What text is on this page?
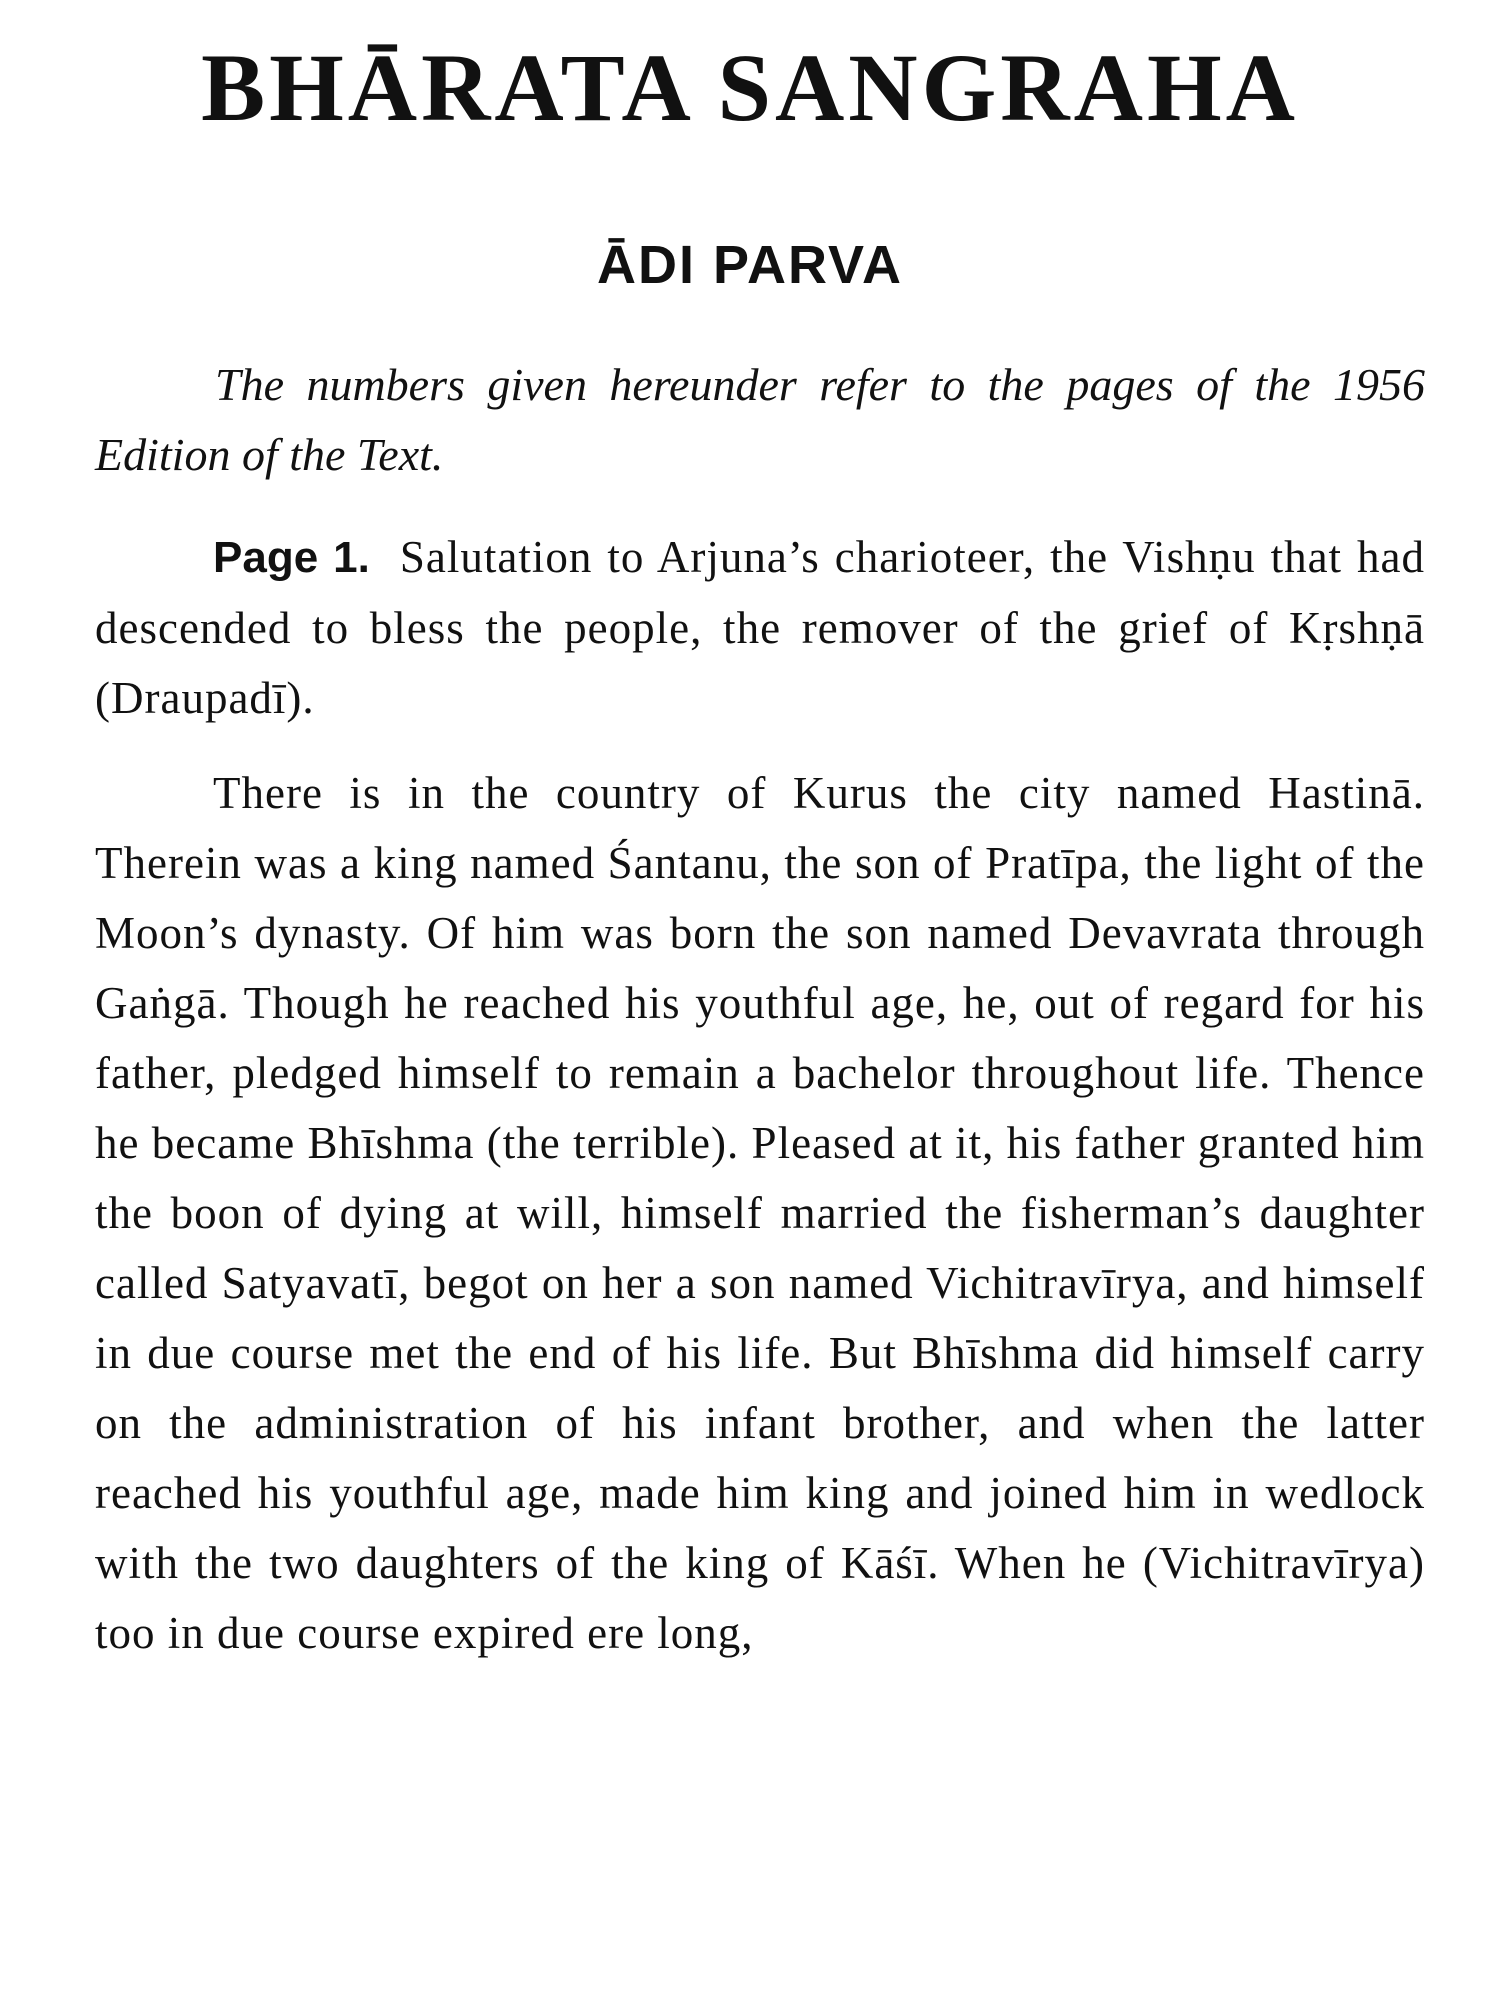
BHĀRATA SANGRAHA
ĀDI PARVA

The numbers given hereunder refer to the pages of the 1956 Edition of the Text.

Page 1. Salutation to Arjuna’s charioteer, the Vishṇu that had descended to bless the people, the remover of the grief of Kṛshṇā (Draupadī).

There is in the country of Kurus the city named Hastinā. Therein was a king named Śantanu, the son of Pratīpa, the light of the Moon’s dynasty. Of him was born the son named Devavrata through Gaṅgā. Though he reached his youthful age, he, out of regard for his father, pledged himself to remain a bachelor throughout life. Thence he became Bhīshma (the terrible). Pleased at it, his father granted him the boon of dying at will, himself married the fisherman’s daughter called Satyavatī, begot on her a son named Vichitravīrya, and himself in due course met the end of his life. But Bhīshma did himself carry on the administration of his infant brother, and when the latter reached his youthful age, made him king and joined him in wedlock with the two daughters of the king of Kāśī. When he (Vichitravīrya) too in due course expired ere long,
